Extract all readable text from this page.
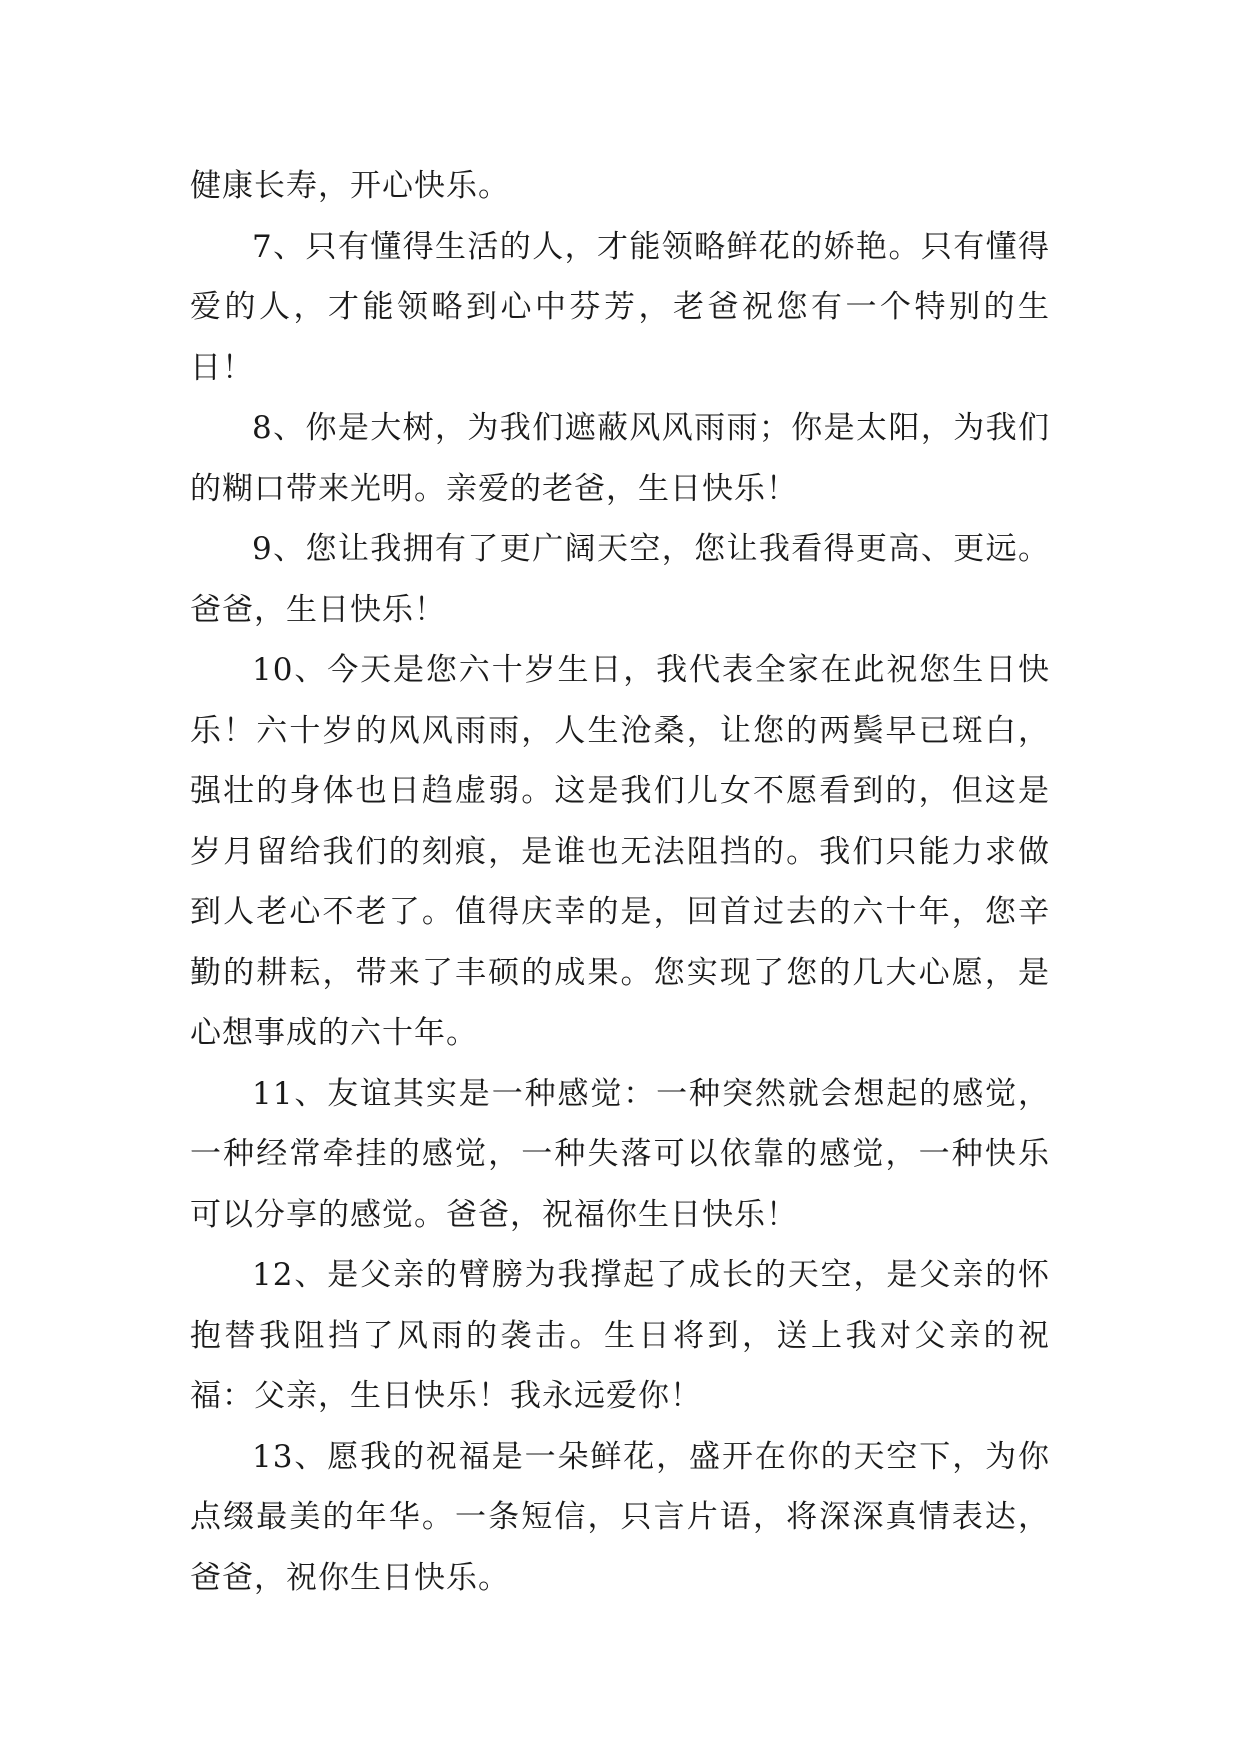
健康长寿，开心快乐。

7、只有懂得生活的人，才能领略鲜花的娇艳。只有懂得爱的人，才能领略到心中芬芳，老爸祝您有一个特别的生日！

8、你是大树，为我们遮蔽风风雨雨；你是太阳，为我们的糊口带来光明。亲爱的老爸，生日快乐！

9、您让我拥有了更广阔天空，您让我看得更高、更远。爸爸，生日快乐！

10、今天是您六十岁生日，我代表全家在此祝您生日快乐！六十岁的风风雨雨，人生沧桑，让您的两鬓早已斑白，强壮的身体也日趋虚弱。这是我们儿女不愿看到的，但这是岁月留给我们的刻痕，是谁也无法阻挡的。我们只能力求做到人老心不老了。值得庆幸的是，回首过去的六十年，您辛勤的耕耘，带来了丰硕的成果。您实现了您的几大心愿，是心想事成的六十年。

11、友谊其实是一种感觉：一种突然就会想起的感觉，一种经常牵挂的感觉，一种失落可以依靠的感觉，一种快乐可以分享的感觉。爸爸，祝福你生日快乐！

12、是父亲的臂膀为我撑起了成长的天空，是父亲的怀抱替我阻挡了风雨的袭击。生日将到，送上我对父亲的祝福：父亲，生日快乐！我永远爱你！

13、愿我的祝福是一朵鲜花，盛开在你的天空下，为你点缀最美的年华。一条短信，只言片语，将深深真情表达，爸爸，祝你生日快乐。
